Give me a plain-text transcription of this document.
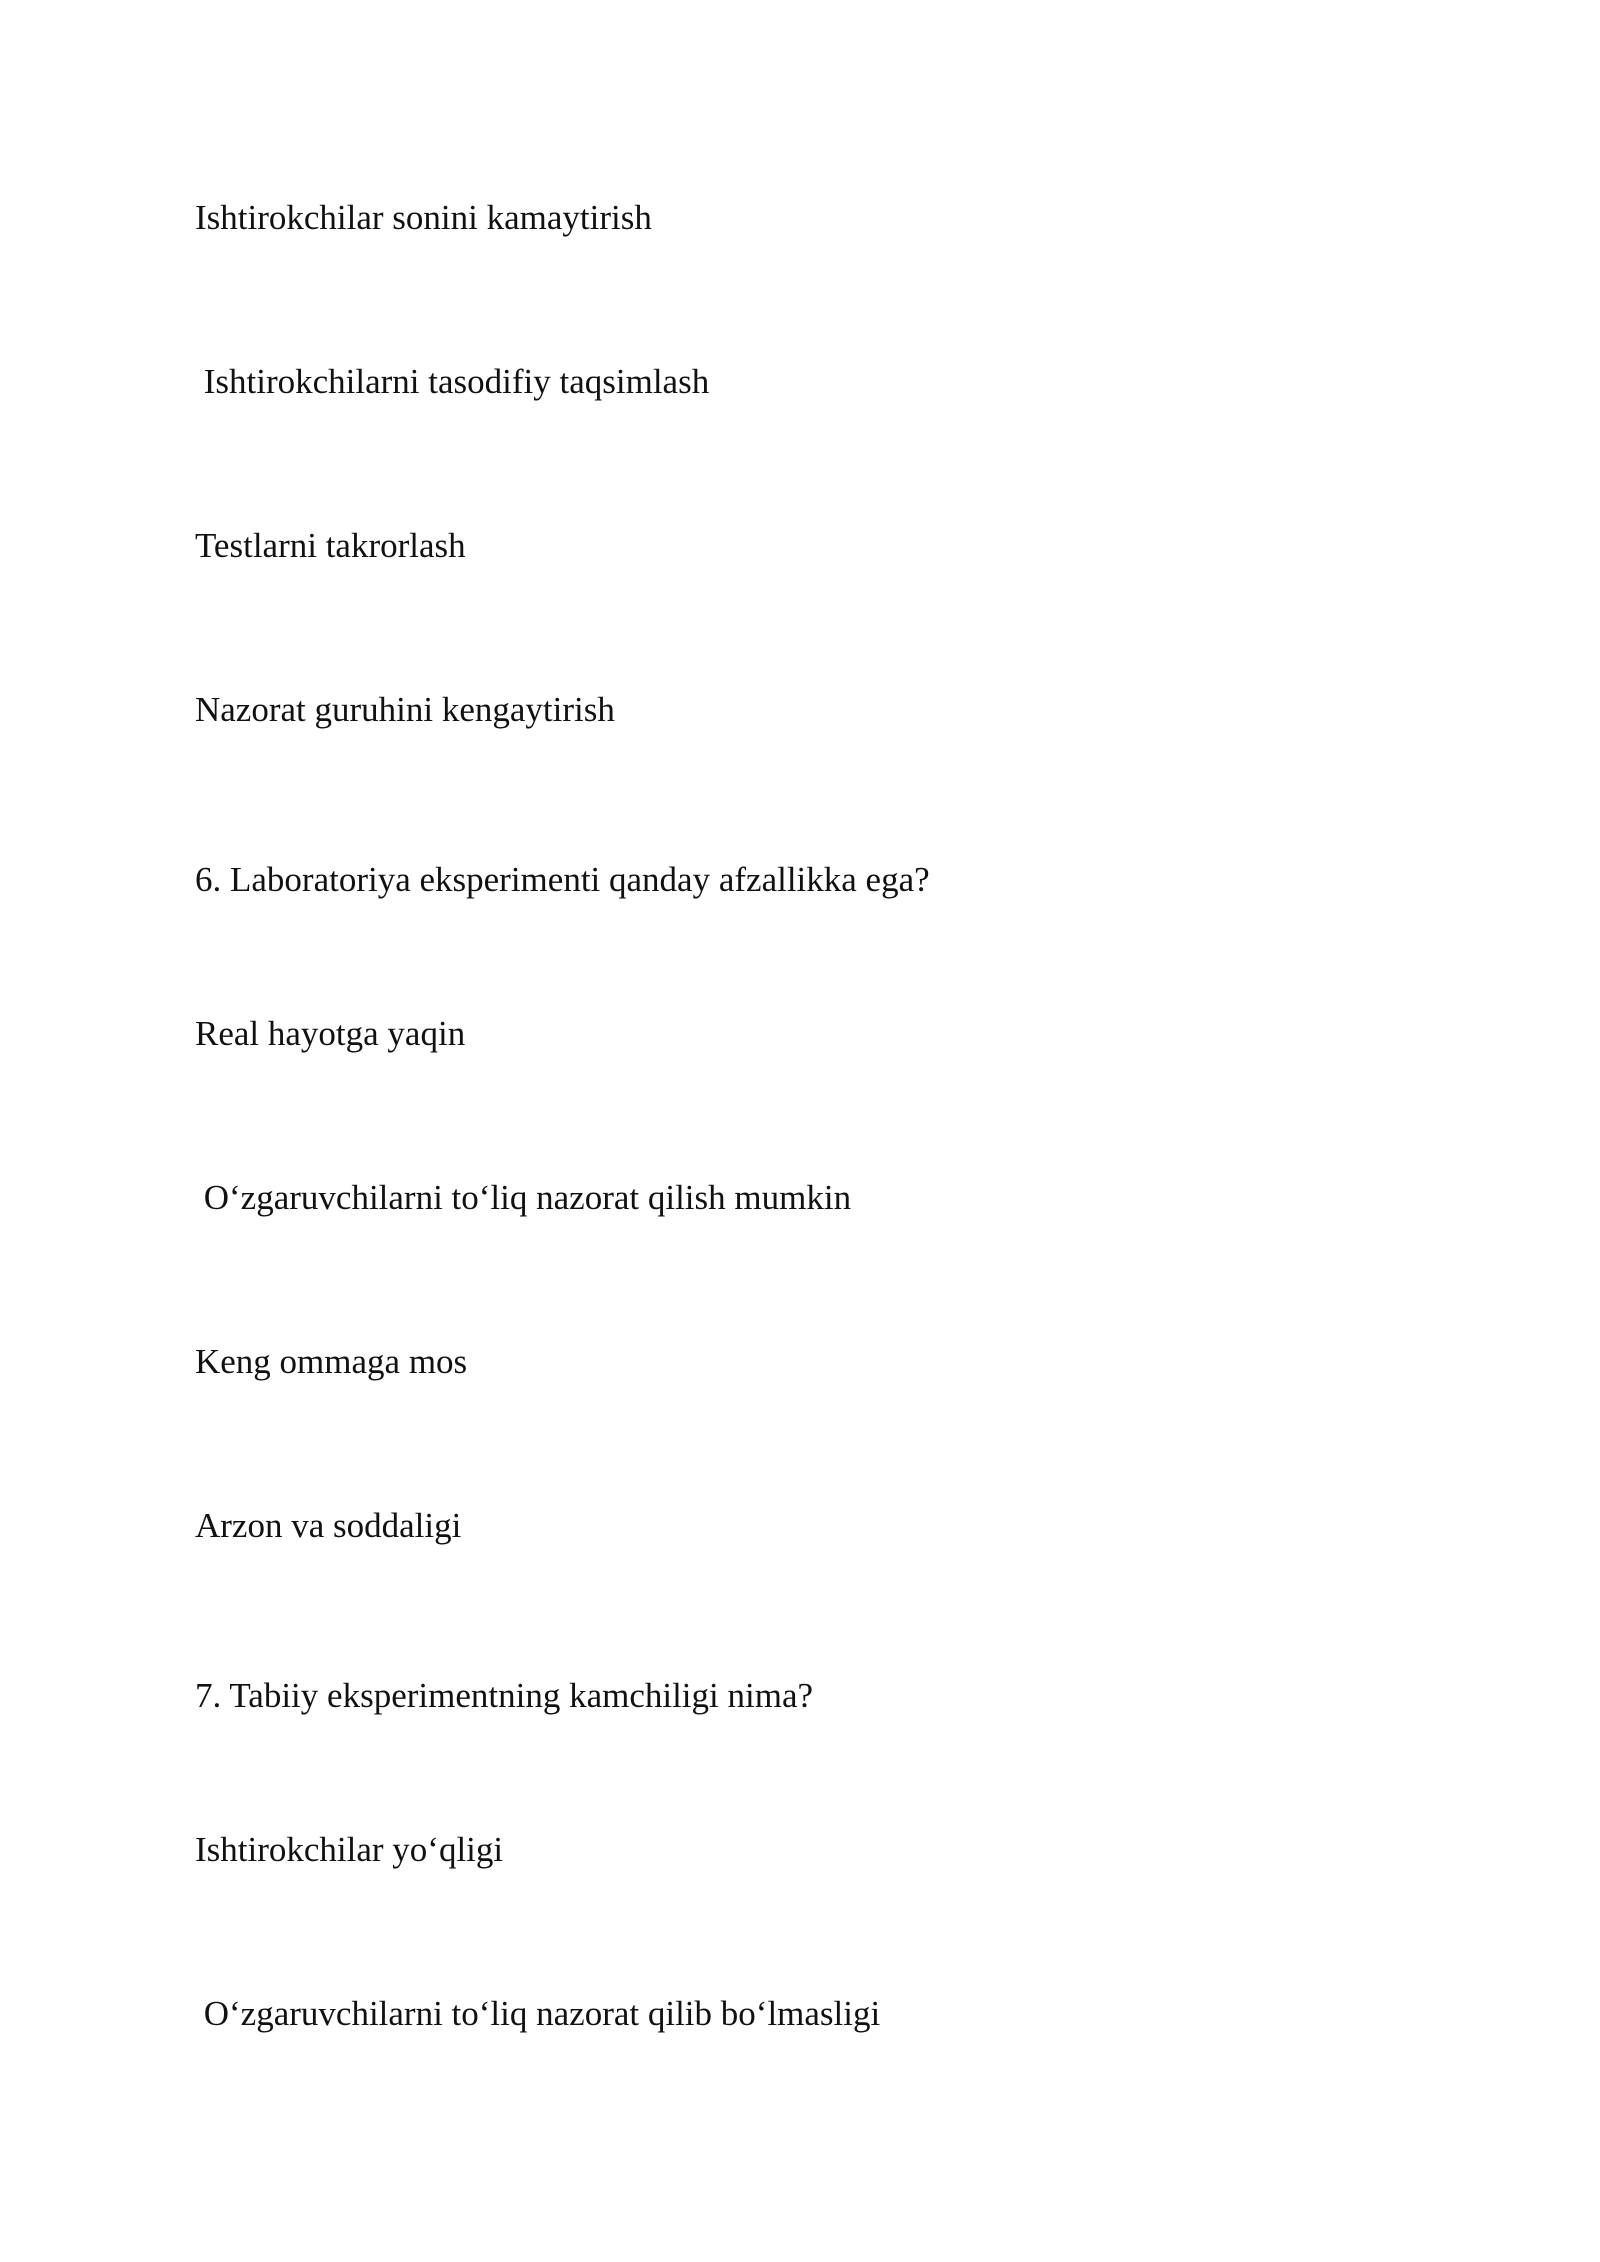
Ishtirokchilar sonini kamaytirish

Ishtirokchilarni tasodifiy taqsimlash

Testlarni takrorlash

Nazorat guruhini kengaytirish

6. Laboratoriya eksperimenti qanday afzallikka ega?

Real hayotga yaqin

O‘zgaruvchilarni to‘liq nazorat qilish mumkin

Keng ommaga mos

Arzon va soddaligi

7. Tabiiy eksperimentning kamchiligi nima?

Ishtirokchilar yo‘qligi

O‘zgaruvchilarni to‘liq nazorat qilib bo‘lmasligi
